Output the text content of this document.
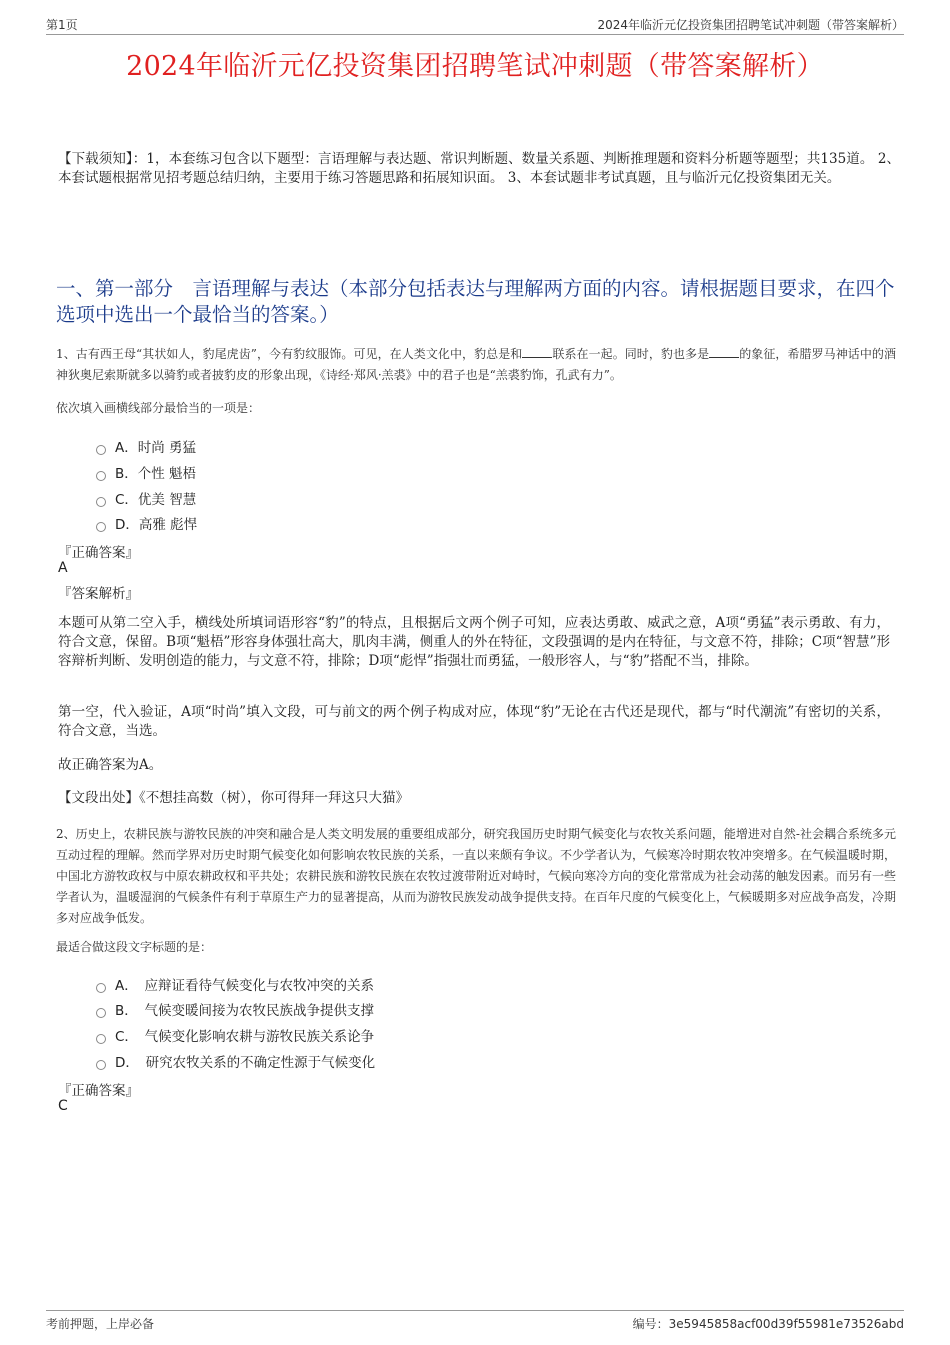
第1页	2024年临沂元亿投资集团招聘笔试冲刺题（带答案解析）
2024年临沂元亿投资集团招聘笔试冲刺题（带答案解析）
【下载须知】：1，本套练习包含以下题型：言语理解与表达题、常识判断题、数量关系题、判断推理题和资料分析题等题型；共135道。 2、本套试题根据常见招考题总结归纳，主要用于练习答题思路和拓展知识面。 3、本套试题非考试真题，且与临沂元亿投资集团无关。
一、第一部分　言语理解与表达（本部分包括表达与理解两方面的内容。请根据题目要求，在四个选项中选出一个最恰当的答案。）
1、古有西王母“其状如人，豹尾虎齿”，今有豹纹服饰。可见，在人类文化中，豹总是和	联系在一起。同时，豹也多是	的象征，希腊罗马神话中的酒神狄奥尼索斯就多以骑豹或者披豹皮的形象出现，《诗经·郑风·羔裘》中的君子也是“羔裘豹饰，孔武有力”。
依次填入画横线部分最恰当的一项是：
A．时尚 勇猛
B．个性 魁梧
C．优美 智慧
D．高雅 彪悍
『正确答案』
A
『答案解析』
本题可从第二空入手，横线处所填词语形容“豹”的特点，且根据后文两个例子可知，应表达勇敢、威武之意，A项“勇猛”表示勇敢、有力，符合文意，保留。B项“魁梧”形容身体强壮高大，肌肉丰满，侧重人的外在特征，文段强调的是内在特征，与文意不符，排除；C项“智慧”形容辩析判断、发明创造的能力，与文意不符，排除；D项“彪悍”指强壮而勇猛，一般形容人，与“豹”搭配不当，排除。
第一空，代入验证，A项“时尚”填入文段，可与前文的两个例子构成对应，体现“豹”无论在古代还是现代，都与“时代潮流”有密切的关系，符合文意，当选。
故正确答案为A。
【文段出处】《不想挂高数（树），你可得拜一拜这只大猫》
2、历史上，农耕民族与游牧民族的冲突和融合是人类文明发展的重要组成部分，研究我国历史时期气候变化与农牧关系问题，能增进对自然-社会耦合系统多元互动过程的理解。然而学界对历史时期气候变化如何影响农牧民族的关系，一直以来颇有争议。不少学者认为，气候寒冷时期农牧冲突增多。在气候温暖时期，中国北方游牧政权与中原农耕政权和平共处；农耕民族和游牧民族在农牧过渡带附近对峙时，气候向寒冷方向的变化常常成为社会动荡的触发因素。而另有一些学者认为，温暖湿润的气候条件有利于草原生产力的显著提高，从而为游牧民族发动战争提供支持。在百年尺度的气候变化上，气候暖期多对应战争高发，冷期多对应战争低发。
最适合做这段文字标题的是：
A．　应辩证看待气候变化与农牧冲突的关系
B．　气候变暖间接为农牧民族战争提供支撑
C．　气候变化影响农耕与游牧民族关系论争
D．　研究农牧关系的不确定性源于气候变化
『正确答案』
C
考前押题，上岸必备	编号：3e5945858acf00d39f55981e73526abd
